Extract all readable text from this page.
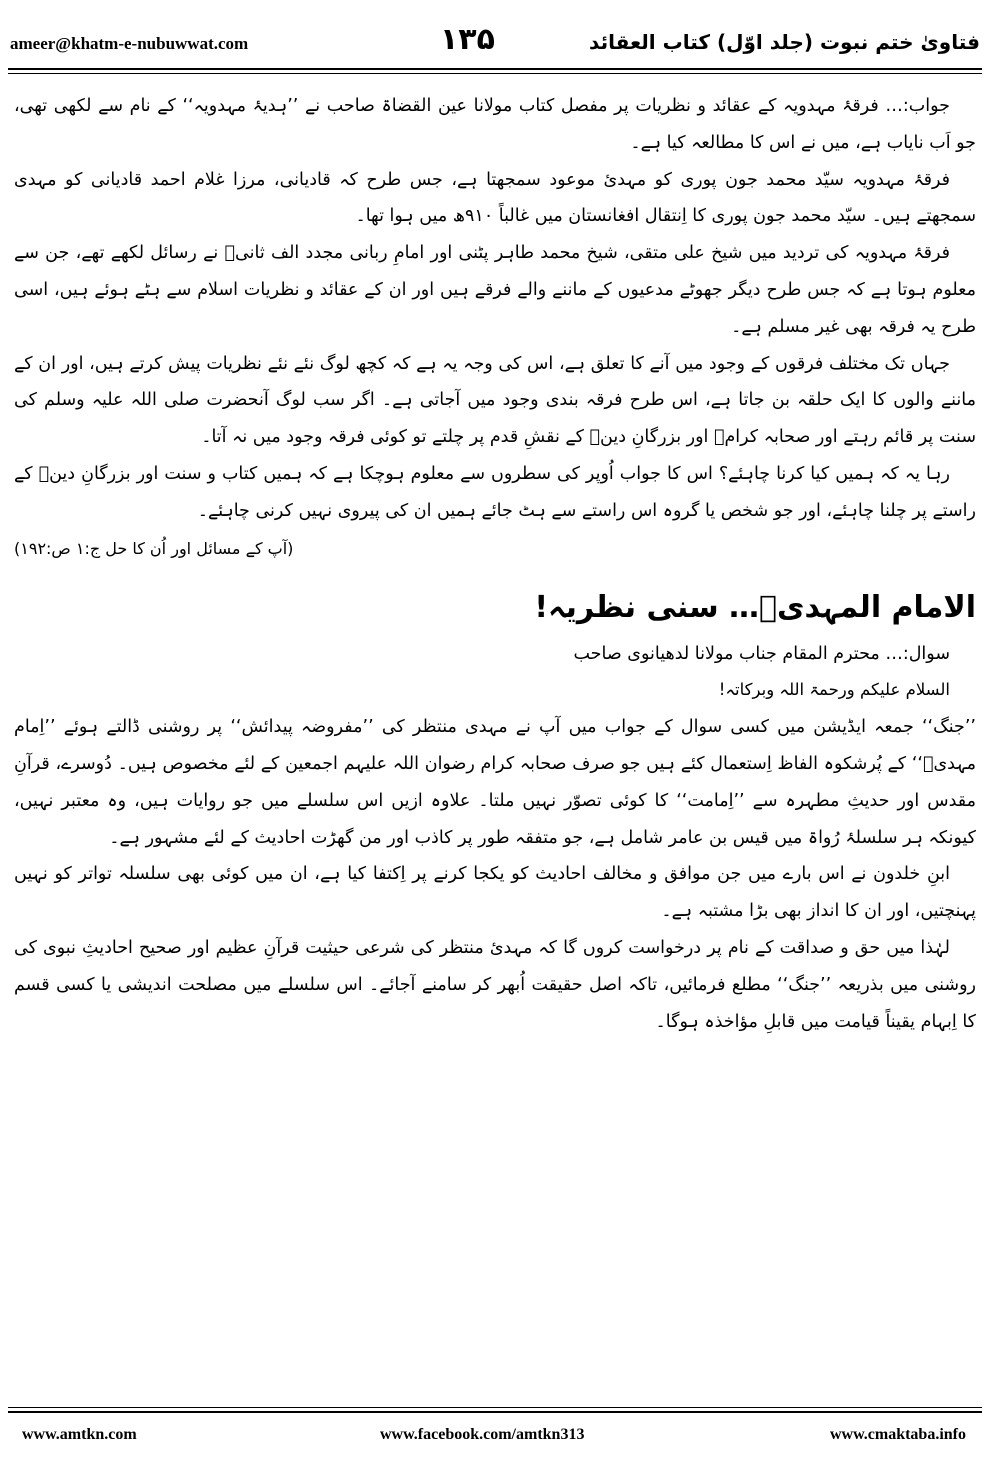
ameer@khatm-e-nubuwwat.com	۱۳۵	فتاویٰ ختم نبوت (جلد اوّل) کتاب العقائد

جواب:… فرقۂ مہدویہ کے عقائد و نظریات پر مفصل کتاب مولانا عین القضاۃ صاحب نے ’’ہدیۂ مہدویہ‘‘ کے نام سے لکھی تھی، جو اَب نایاب ہے، میں نے اس کا مطالعہ کیا ہے۔

فرقۂ مہدویہ سیّد محمد جون پوری کو مہدیٔ موعود سمجھتا ہے، جس طرح کہ قادیانی، مرزا غلام احمد قادیانی کو مہدی سمجھتے ہیں۔ سیّد محمد جون پوری کا اِنتقال افغانستان میں غالباً ۹۱۰ھ میں ہوا تھا۔

فرقۂ مہدویہ کی تردید میں شیخ علی متقی، شیخ محمد طاہر پٹنی اور امامِ ربانی مجدد الف ثانیؒ نے رسائل لکھے تھے، جن سے معلوم ہوتا ہے کہ جس طرح دیگر جھوٹے مدعیوں کے ماننے والے فرقے ہیں اور ان کے عقائد و نظریات اسلام سے ہٹے ہوئے ہیں، اسی طرح یہ فرقہ بھی غیر مسلم ہے۔

جہاں تک مختلف فرقوں کے وجود میں آنے کا تعلق ہے، اس کی وجہ یہ ہے کہ کچھ لوگ نئے نئے نظریات پیش کرتے ہیں، اور ان کے ماننے والوں کا ایک حلقہ بن جاتا ہے، اس طرح فرقہ بندی وجود میں آجاتی ہے۔ اگر سب لوگ آنحضرت صلی اللہ علیہ وسلم کی سنت پر قائم رہتے اور صحابہ کرامؓ اور بزرگانِ دینؒ کے نقشِ قدم پر چلتے تو کوئی فرقہ وجود میں نہ آتا۔

رہا یہ کہ ہمیں کیا کرنا چاہئے؟ اس کا جواب اُوپر کی سطروں سے معلوم ہوچکا ہے کہ ہمیں کتاب و سنت اور بزرگانِ دینؒ کے راستے پر چلنا چاہئے، اور جو شخص یا گروہ اس راستے سے ہٹ جائے ہمیں ان کی پیروی نہیں کرنی چاہئے۔

(آپ کے مسائل اور اُن کا حل ج:۱ ص:۱۹۲)

الامام المہدیؒ… سنی نظریہ!

سوال:… محترم المقام جناب مولانا لدھیانوی صاحب

السلام علیکم ورحمۃ اللہ وبرکاتہ!

’’جنگ‘‘ جمعہ ایڈیشن میں کسی سوال کے جواب میں آپ نے مہدی منتظر کی ’’مفروضہ پیدائش‘‘ پر روشنی ڈالتے ہوئے ’’اِمام مہدیؑ‘‘ کے پُرشکوہ الفاظ اِستعمال کئے ہیں جو صرف صحابہ کرام رضوان اللہ علیہم اجمعین کے لئے مخصوص ہیں۔ دُوسرے، قرآنِ مقدس اور حدیثِ مطہرہ سے ’’اِمامت‘‘ کا کوئی تصوّر نہیں ملتا۔ علاوہ ازیں اس سلسلے میں جو روایات ہیں، وہ معتبر نہیں، کیونکہ ہر سلسلۂ رُواۃ میں قیس بن عامر شامل ہے، جو متفقہ طور پر کاذب اور من گھڑت احادیث کے لئے مشہور ہے۔

ابنِ خلدون نے اس بارے میں جن موافق و مخالف احادیث کو یکجا کرنے پر اِکتفا کیا ہے، ان میں کوئی بھی سلسلہ تواتر کو نہیں پہنچتیں، اور ان کا انداز بھی بڑا مشتبہ ہے۔

لہٰذا میں حق و صداقت کے نام پر درخواست کروں گا کہ مہدیٔ منتظر کی شرعی حیثیت قرآنِ عظیم اور صحیح احادیثِ نبوی کی روشنی میں بذریعہ ’’جنگ‘‘ مطلع فرمائیں، تاکہ اصل حقیقت اُبھر کر سامنے آجائے۔ اس سلسلے میں مصلحت اندیشی یا کسی قسم کا اِبہام یقیناً قیامت میں قابلِ مؤاخذہ ہوگا۔

www.amtkn.com	www.facebook.com/amtkn313	www.cmaktaba.info
